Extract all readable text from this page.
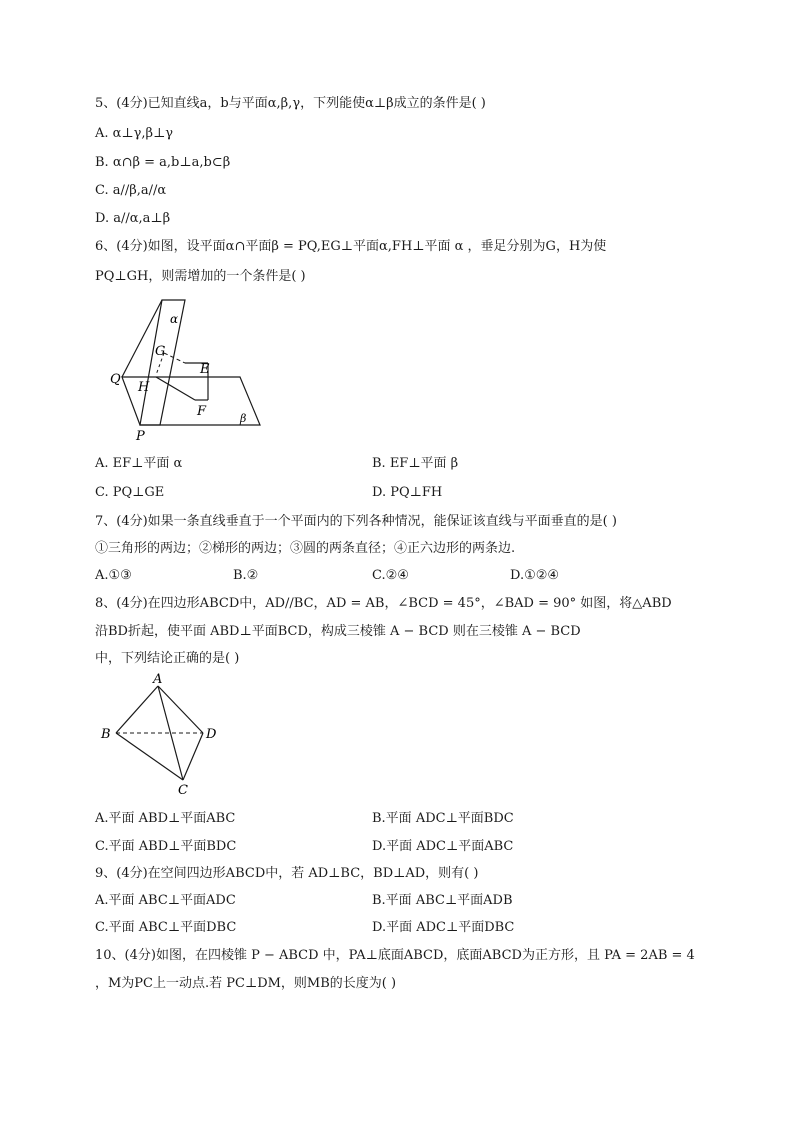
5、(4分)已知直线a，b与平面α,β,γ，下列能使α⊥β成立的条件是( )
A. α⊥γ,β⊥γ
B. α∩β = a,b⊥a,b⊂β
C. a//β,a//α
D. a//α,a⊥β
6、(4分)如图，设平面α∩平面β = PQ,EG⊥平面α,FH⊥平面 α ，垂足分别为G，H为使
PQ⊥GH，则需增加的一个条件是( )
α
G
E
Q
H
F
P
β
A. EF⊥平面 α	B. EF⊥平面 β
C. PQ⊥GE	D. PQ⊥FH
7、(4分)如果一条直线垂直于一个平面内的下列各种情况，能保证该直线与平面垂直的是( )
①三角形的两边；②梯形的两边；③圆的两条直径；④正六边形的两条边.
A.①③	B.②	C.②④	D.①②④
8、(4分)在四边形ABCD中，AD//BC，AD = AB，∠BCD = 45°，∠BAD = 90° 如图，将△ABD
沿BD折起，使平面 ABD⊥平面BCD，构成三棱锥 A − BCD 则在三棱锥 A − BCD
中，下列结论正确的是( )
A
B	D
C
A.平面 ABD⊥平面ABC	B.平面 ADC⊥平面BDC
C.平面 ABD⊥平面BDC	D.平面 ADC⊥平面ABC
9、(4分)在空间四边形ABCD中，若 AD⊥BC，BD⊥AD，则有( )
A.平面 ABC⊥平面ADC	B.平面 ABC⊥平面ADB
C.平面 ABC⊥平面DBC	D.平面 ADC⊥平面DBC
10、(4分)如图，在四棱锥 P − ABCD 中，PA⊥底面ABCD，底面ABCD为正方形，且 PA = 2AB = 4
，M为PC上一动点.若 PC⊥DM，则MB的长度为( )
